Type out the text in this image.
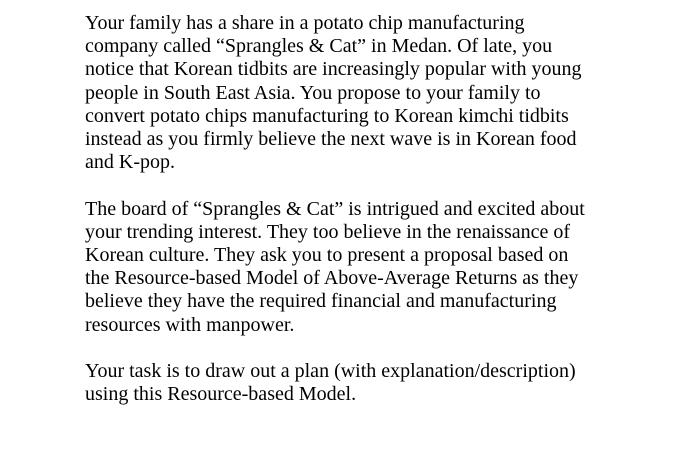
Your family has a share in a potato chip manufacturing
company called “Sprangles & Cat” in Medan. Of late, you
notice that Korean tidbits are increasingly popular with young
people in South East Asia. You propose to your family to
convert potato chips manufacturing to Korean kimchi tidbits
instead as you firmly believe the next wave is in Korean food
and K-pop.

The board of “Sprangles & Cat” is intrigued and excited about
your trending interest. They too believe in the renaissance of
Korean culture. They ask you to present a proposal based on
the Resource-based Model of Above-Average Returns as they
believe they have the required financial and manufacturing
resources with manpower.

Your task is to draw out a plan (with explanation/description)
using this Resource-based Model.
